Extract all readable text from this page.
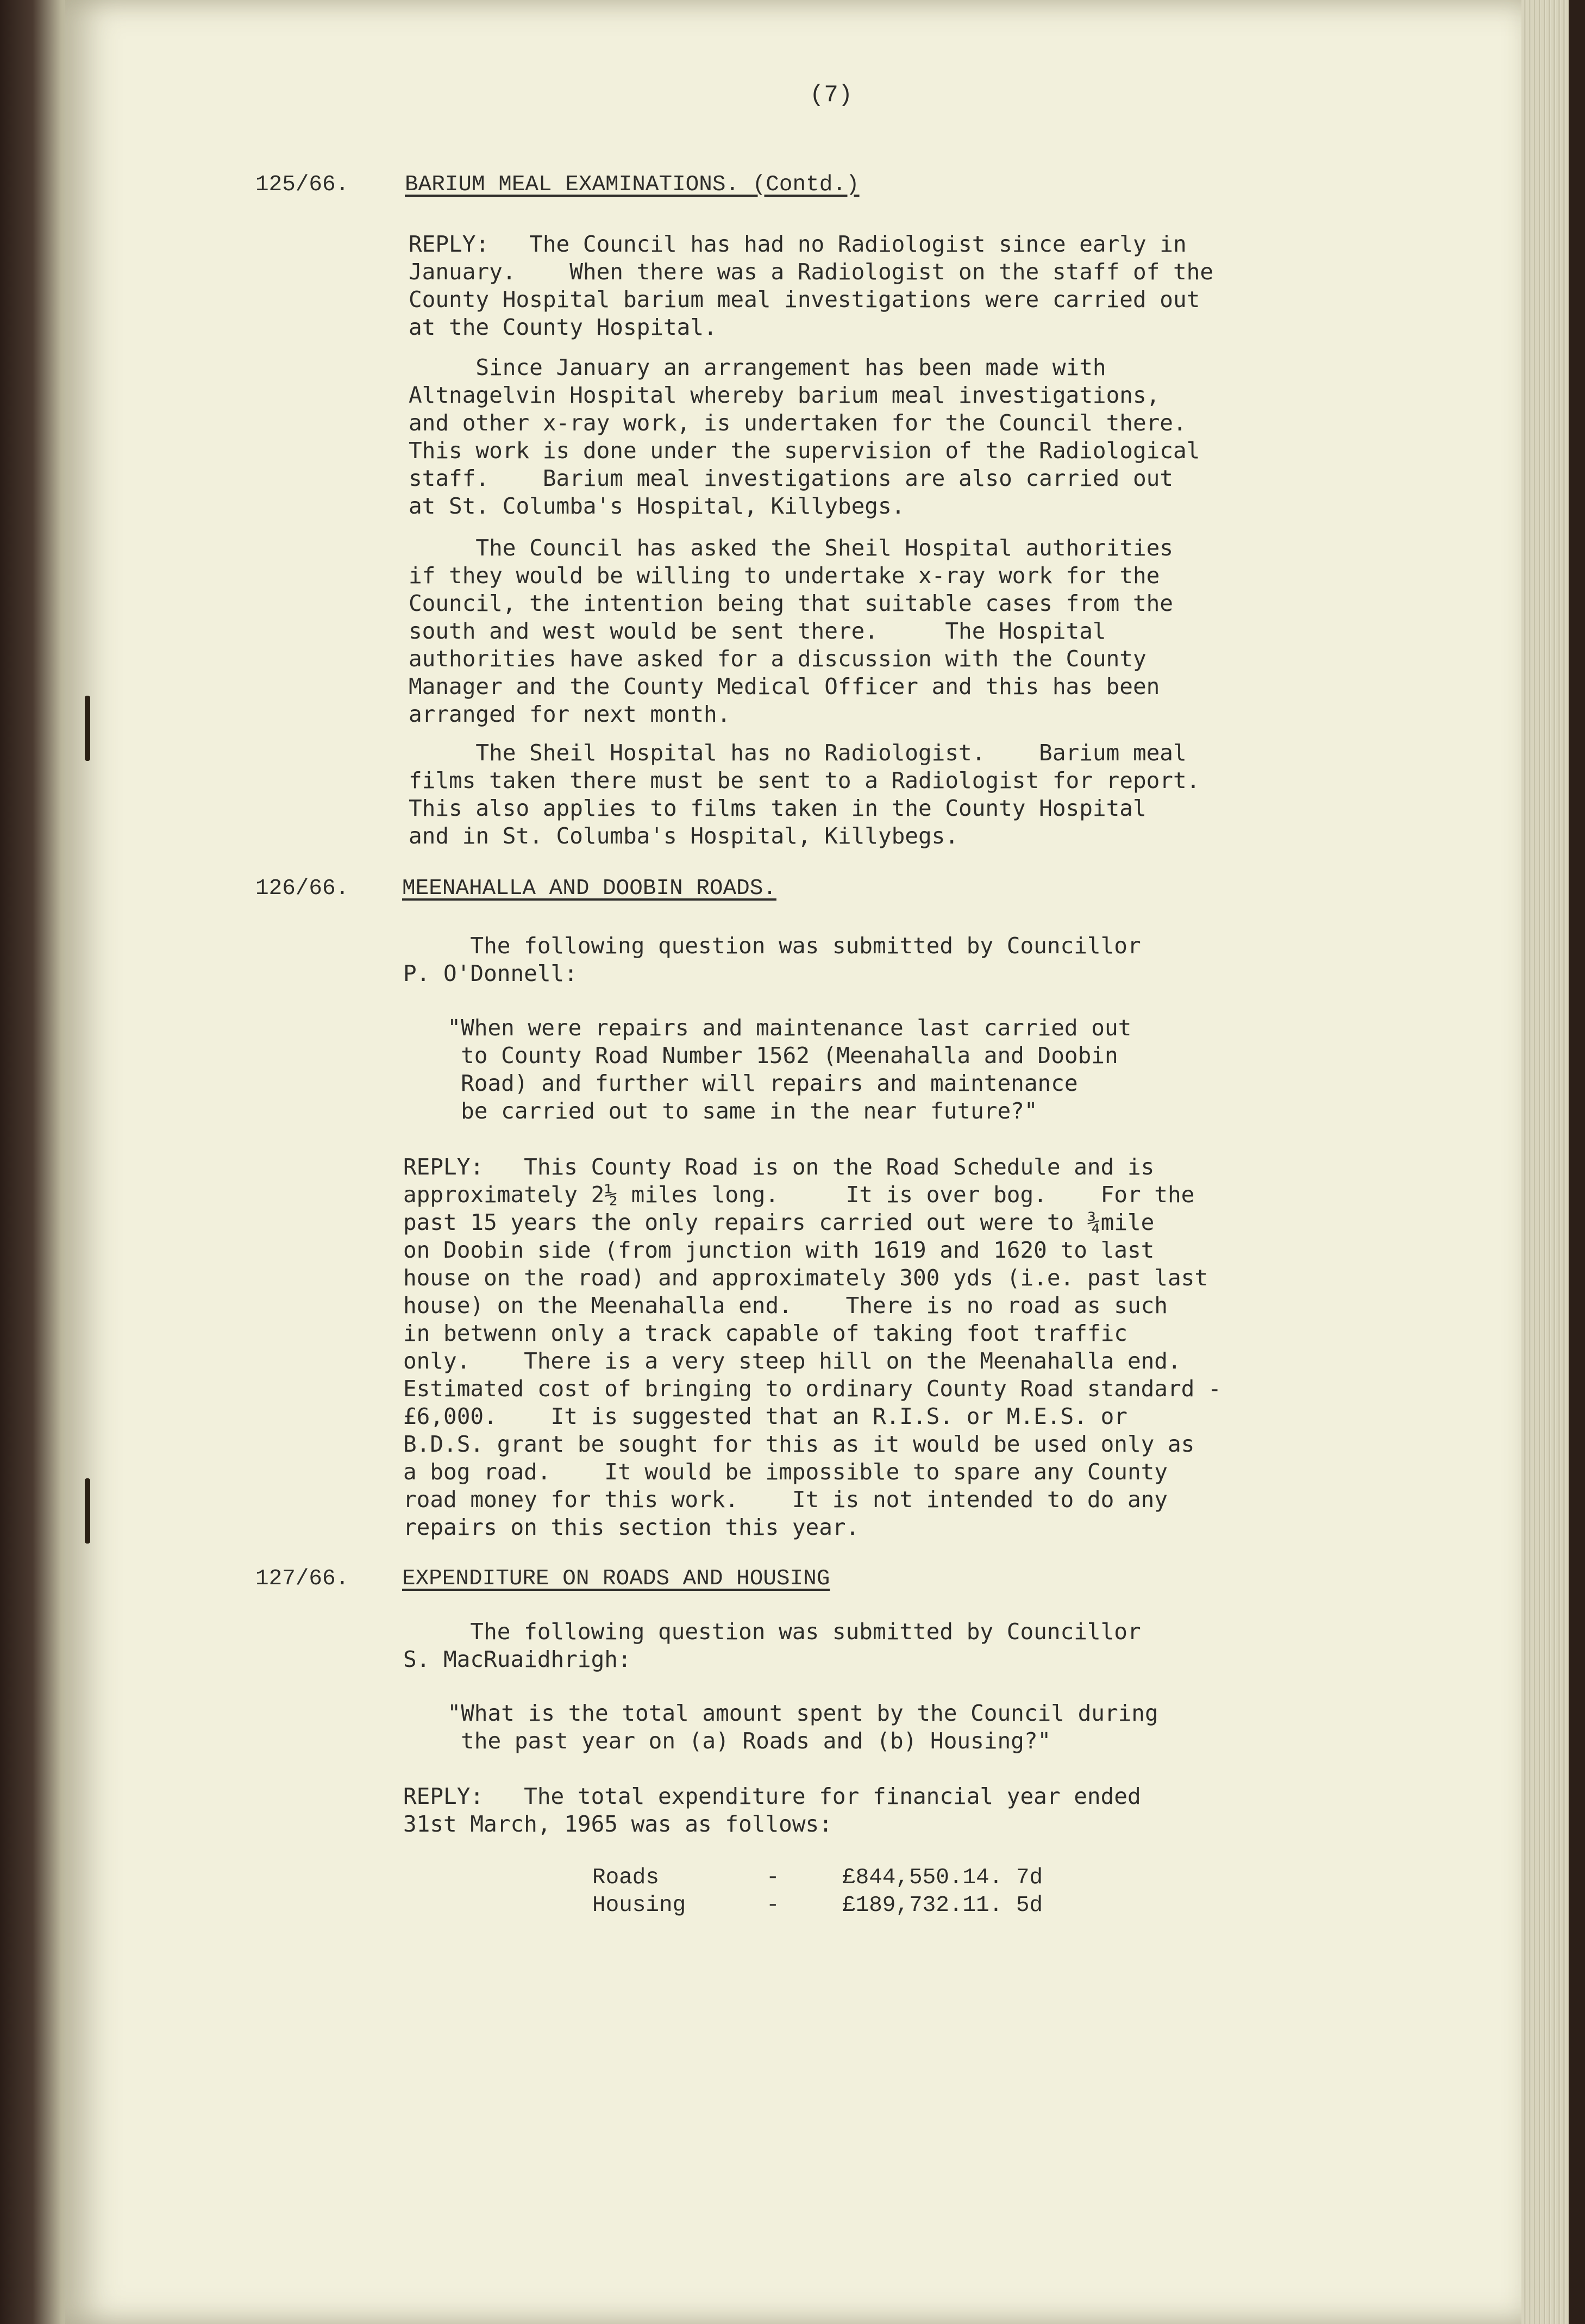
(7)
125/66.	BARIUM MEAL EXAMINATIONS. (Contd.)
REPLY:   The Council has had no Radiologist since early in
January.    When there was a Radiologist on the staff of the
County Hospital barium meal investigations were carried out
at the County Hospital.
Since January an arrangement has been made with
Altnagelvin Hospital whereby barium meal investigations,
and other x-ray work, is undertaken for the Council there.
This work is done under the supervision of the Radiological
staff.    Barium meal investigations are also carried out
at St. Columba's Hospital, Killybegs.
The Council has asked the Sheil Hospital authorities
if they would be willing to undertake x-ray work for the
Council, the intention being that suitable cases from the
south and west would be sent there.     The Hospital
authorities have asked for a discussion with the County
Manager and the County Medical Officer and this has been
arranged for next month.
The Sheil Hospital has no Radiologist.    Barium meal
films taken there must be sent to a Radiologist for report.
This also applies to films taken in the County Hospital
and in St. Columba's Hospital, Killybegs.
126/66. MEENAHALLA AND DOOBIN ROADS.
The following question was submitted by Councillor
P. O'Donnell:
"When were repairs and maintenance last carried out
to County Road Number 1562 (Meenahalla and Doobin
Road) and further will repairs and maintenance
be carried out to same in the near future?"
REPLY:   This County Road is on the Road Schedule and is
approximately 2½ miles long.     It is over bog.    For the
past 15 years the only repairs carried out were to ¾mile
on Doobin side (from junction with 1619 and 1620 to last
house on the road) and approximately 300 yds (i.e. past last
house) on the Meenahalla end.    There is no road as such
in betwenn only a track capable of taking foot traffic
only.    There is a very steep hill on the Meenahalla end.
Estimated cost of bringing to ordinary County Road standard -
£6,000.    It is suggested that an R.I.S. or M.E.S. or
B.D.S. grant be sought for this as it would be used only as
a bog road.    It would be impossible to spare any County
road money for this work.    It is not intended to do any
repairs on this section this year.
127/66. EXPENDITURE ON ROADS AND HOUSING
The following question was submitted by Councillor
S. MacRuaidhrigh:
"What is the total amount spent by the Council during
the past year on (a) Roads and (b) Housing?"
REPLY:   The total expenditure for financial year ended
31st March, 1965 was as follows:
Roads	-	£844,550.14. 7d
Housing	-	£189,732.11. 5d
